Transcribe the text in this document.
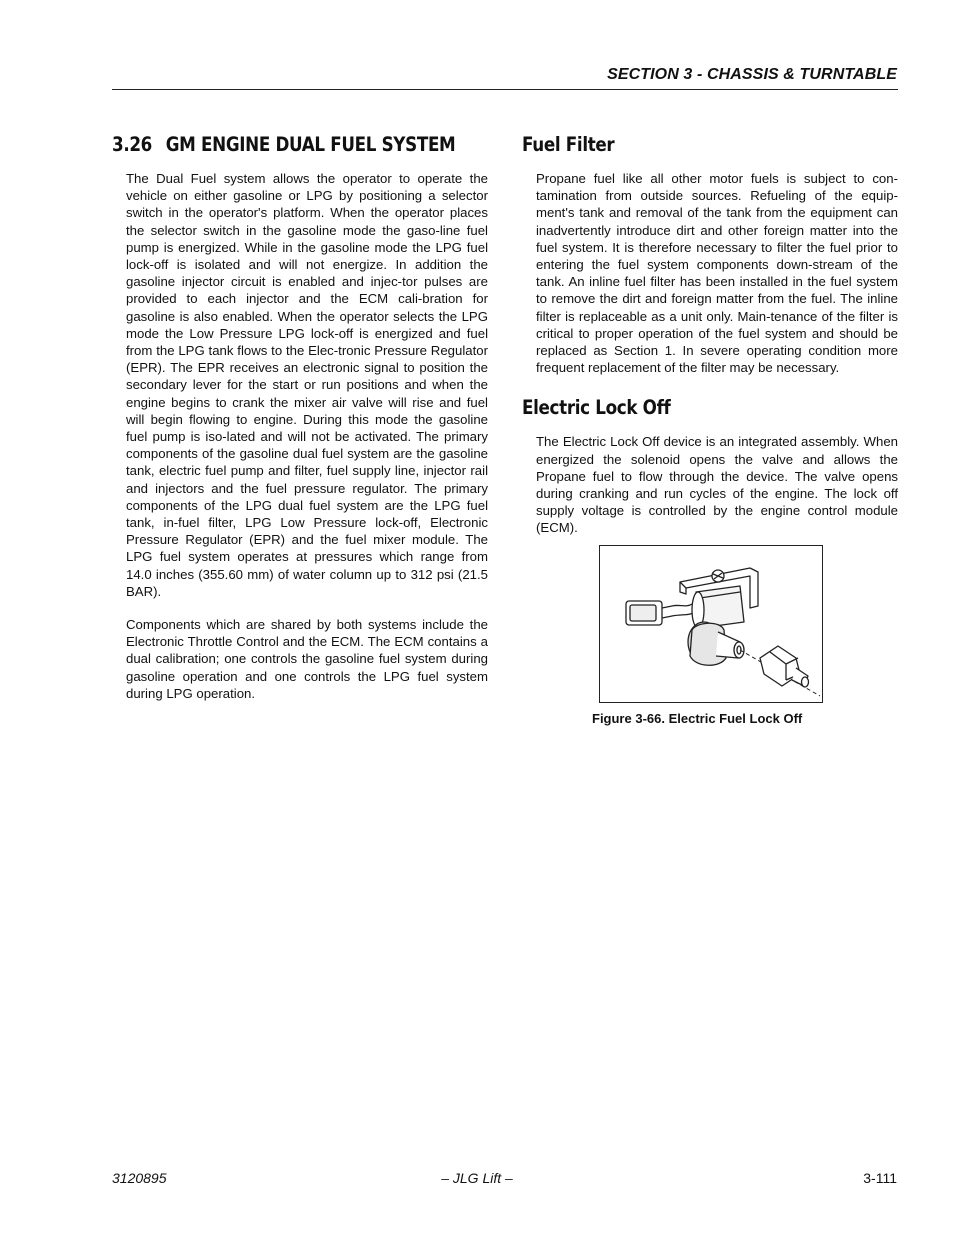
SECTION 3 - CHASSIS & TURNTABLE
3.26 GM ENGINE DUAL FUEL SYSTEM

The Dual Fuel system allows the operator to operate the vehicle on either gasoline or LPG by positioning a selector switch in the operator's platform. When the operator places the selector switch in the gasoline mode the gaso-line fuel pump is energized. While in the gasoline mode the LPG fuel lock-off is isolated and will not energize. In addition the gasoline injector circuit is enabled and injec-tor pulses are provided to each injector and the ECM cali-bration for gasoline is also enabled. When the operator selects the LPG mode the Low Pressure LPG lock-off is energized and fuel from the LPG tank flows to the Elec-tronic Pressure Regulator (EPR). The EPR receives an electronic signal to position the secondary lever for the start or run positions and when the engine begins to crank the mixer air valve will rise and fuel will begin flowing to engine. During this mode the gasoline fuel pump is iso-lated and will not be activated. The primary components of the gasoline dual fuel system are the gasoline tank, electric fuel pump and filter, fuel supply line, injector rail and injectors and the fuel pressure regulator. The primary components of the LPG dual fuel system are the LPG fuel tank, in-fuel filter, LPG Low Pressure lock-off, Electronic Pressure Regulator (EPR) and the fuel mixer module. The LPG fuel system operates at pressures which range from 14.0 inches (355.60 mm) of water column up to 312 psi (21.5 BAR).

Components which are shared by both systems include the Electronic Throttle Control and the ECM. The ECM contains a dual calibration; one controls the gasoline fuel system during gasoline operation and one controls the LPG fuel system during LPG operation.

Fuel Filter

Propane fuel like all other motor fuels is subject to con-tamination from outside sources. Refueling of the equip-ment's tank and removal of the tank from the equipment can inadvertently introduce dirt and other foreign matter into the fuel system. It is therefore necessary to filter the fuel prior to entering the fuel system components down-stream of the tank. An inline fuel filter has been installed in the fuel system to remove the dirt and foreign matter from the fuel. The inline filter is replaceable as a unit only. Main-tenance of the filter is critical to proper operation of the fuel system and should be replaced as Section 1. In severe operating condition more frequent replacement of the filter may be necessary.

Electric Lock Off

The Electric Lock Off device is an integrated assembly. When energized the solenoid opens the valve and allows the Propane fuel to flow through the device. The valve opens during cranking and run cycles of the engine. The lock off supply voltage is controlled by the engine control module (ECM).

Figure 3-66. Electric Fuel Lock Off
3120895	– JLG Lift –	3-111
